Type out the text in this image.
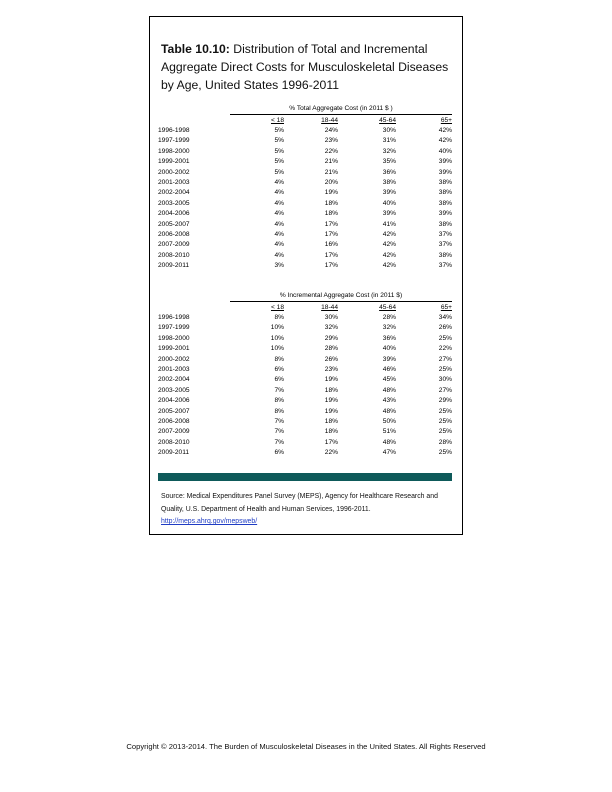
Table 10.10: Distribution of Total and Incremental Aggregate Direct Costs for Musculoskeletal Diseases by Age, United States 1996-2011
% Total Aggregate Cost (in 2011 $ )
< 18	18-44	45-64	65+
1996-1998	5%	24%	30%	42%
1997-1999	5%	23%	31%	42%
1998-2000	5%	22%	32%	40%
1999-2001	5%	21%	35%	39%
2000-2002	5%	21%	36%	39%
2001-2003	4%	20%	38%	38%
2002-2004	4%	19%	39%	38%
2003-2005	4%	18%	40%	38%
2004-2006	4%	18%	39%	39%
2005-2007	4%	17%	41%	38%
2006-2008	4%	17%	42%	37%
2007-2009	4%	16%	42%	37%
2008-2010	4%	17%	42%	38%
2009-2011	3%	17%	42%	37%
% Incremental Aggregate Cost (in 2011 $)
< 18	18-44	45-64	65+
1996-1998	8%	30%	28%	34%
1997-1999	10%	32%	32%	26%
1998-2000	10%	29%	36%	25%
1999-2001	10%	28%	40%	22%
2000-2002	8%	26%	39%	27%
2001-2003	6%	23%	46%	25%
2002-2004	6%	19%	45%	30%
2003-2005	7%	18%	48%	27%
2004-2006	8%	19%	43%	29%
2005-2007	8%	19%	48%	25%
2006-2008	7%	18%	50%	25%
2007-2009	7%	18%	51%	25%
2008-2010	7%	17%	48%	28%
2009-2011	6%	22%	47%	25%
Source: Medical Expenditures Panel Survey (MEPS), Agency for Healthcare Research and Quality, U.S. Department of Health and Human Services, 1996-2011. http://meps.ahrq.gov/mepsweb/
Copyright © 2013-2014. The Burden of Musculoskeletal Diseases in the United States. All Rights Reserved
